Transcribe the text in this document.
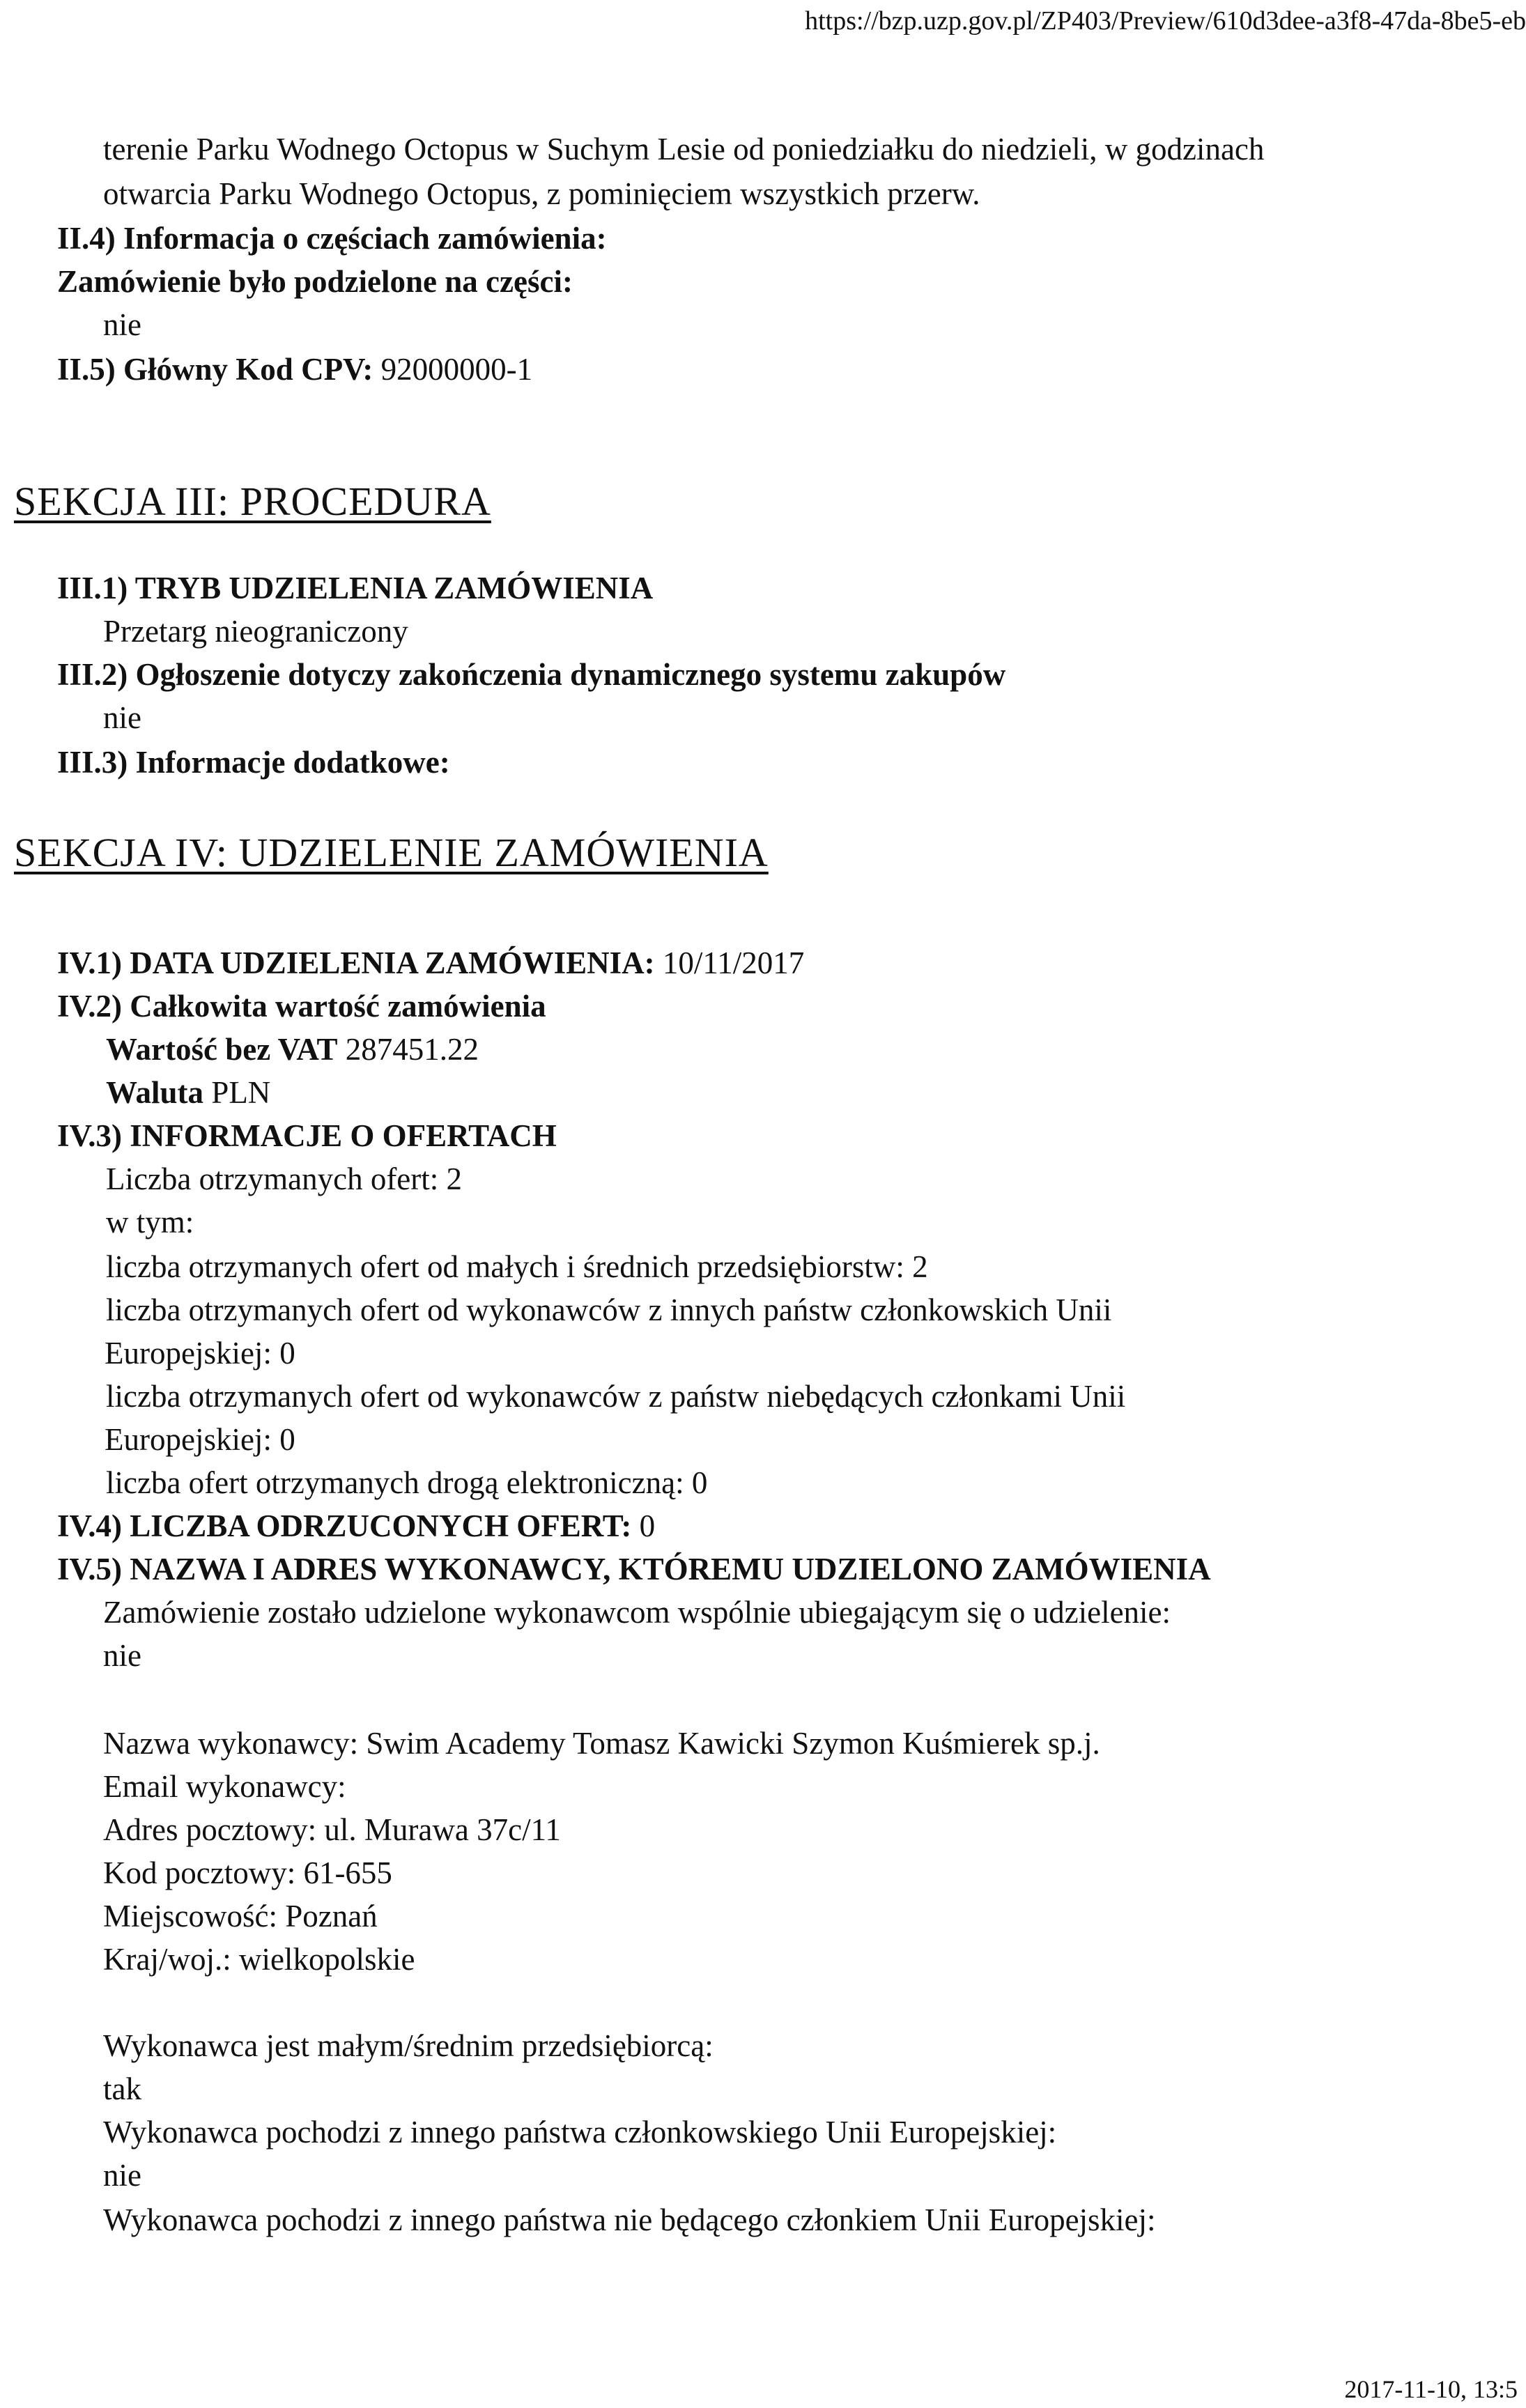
https://bzp.uzp.gov.pl/ZP403/Preview/610d3dee-a3f8-47da-8be5-eb
terenie Parku Wodnego Octopus w Suchym Lesie od poniedziałku do niedzieli, w godzinach
otwarcia Parku Wodnego Octopus, z pominięciem wszystkich przerw.
II.4) Informacja o częściach zamówienia:
Zamówienie było podzielone na części:
nie
II.5) Główny Kod CPV: 92000000-1
SEKCJA III: PROCEDURA
III.1) TRYB UDZIELENIA ZAMÓWIENIA
Przetarg nieograniczony
III.2) Ogłoszenie dotyczy zakończenia dynamicznego systemu zakupów
nie
III.3) Informacje dodatkowe:
SEKCJA IV: UDZIELENIE ZAMÓWIENIA
IV.1) DATA UDZIELENIA ZAMÓWIENIA: 10/11/2017
IV.2) Całkowita wartość zamówienia
Wartość bez VAT 287451.22
Waluta PLN
IV.3) INFORMACJE O OFERTACH
Liczba otrzymanych ofert: 2
w tym:
liczba otrzymanych ofert od małych i średnich przedsiębiorstw: 2
liczba otrzymanych ofert od wykonawców z innych państw członkowskich Unii
Europejskiej: 0
liczba otrzymanych ofert od wykonawców z państw niebędących członkami Unii
Europejskiej: 0
liczba ofert otrzymanych drogą elektroniczną: 0
IV.4) LICZBA ODRZUCONYCH OFERT: 0
IV.5) NAZWA I ADRES WYKONAWCY, KTÓREMU UDZIELONO ZAMÓWIENIA
Zamówienie zostało udzielone wykonawcom wspólnie ubiegającym się o udzielenie:
nie
Nazwa wykonawcy: Swim Academy Tomasz Kawicki Szymon Kuśmierek sp.j.
Email wykonawcy:
Adres pocztowy: ul. Murawa 37c/11
Kod pocztowy: 61-655
Miejscowość: Poznań
Kraj/woj.: wielkopolskie
Wykonawca jest małym/średnim przedsiębiorcą:
tak
Wykonawca pochodzi z innego państwa członkowskiego Unii Europejskiej:
nie
Wykonawca pochodzi z innego państwa nie będącego członkiem Unii Europejskiej:
2017-11-10, 13:5
